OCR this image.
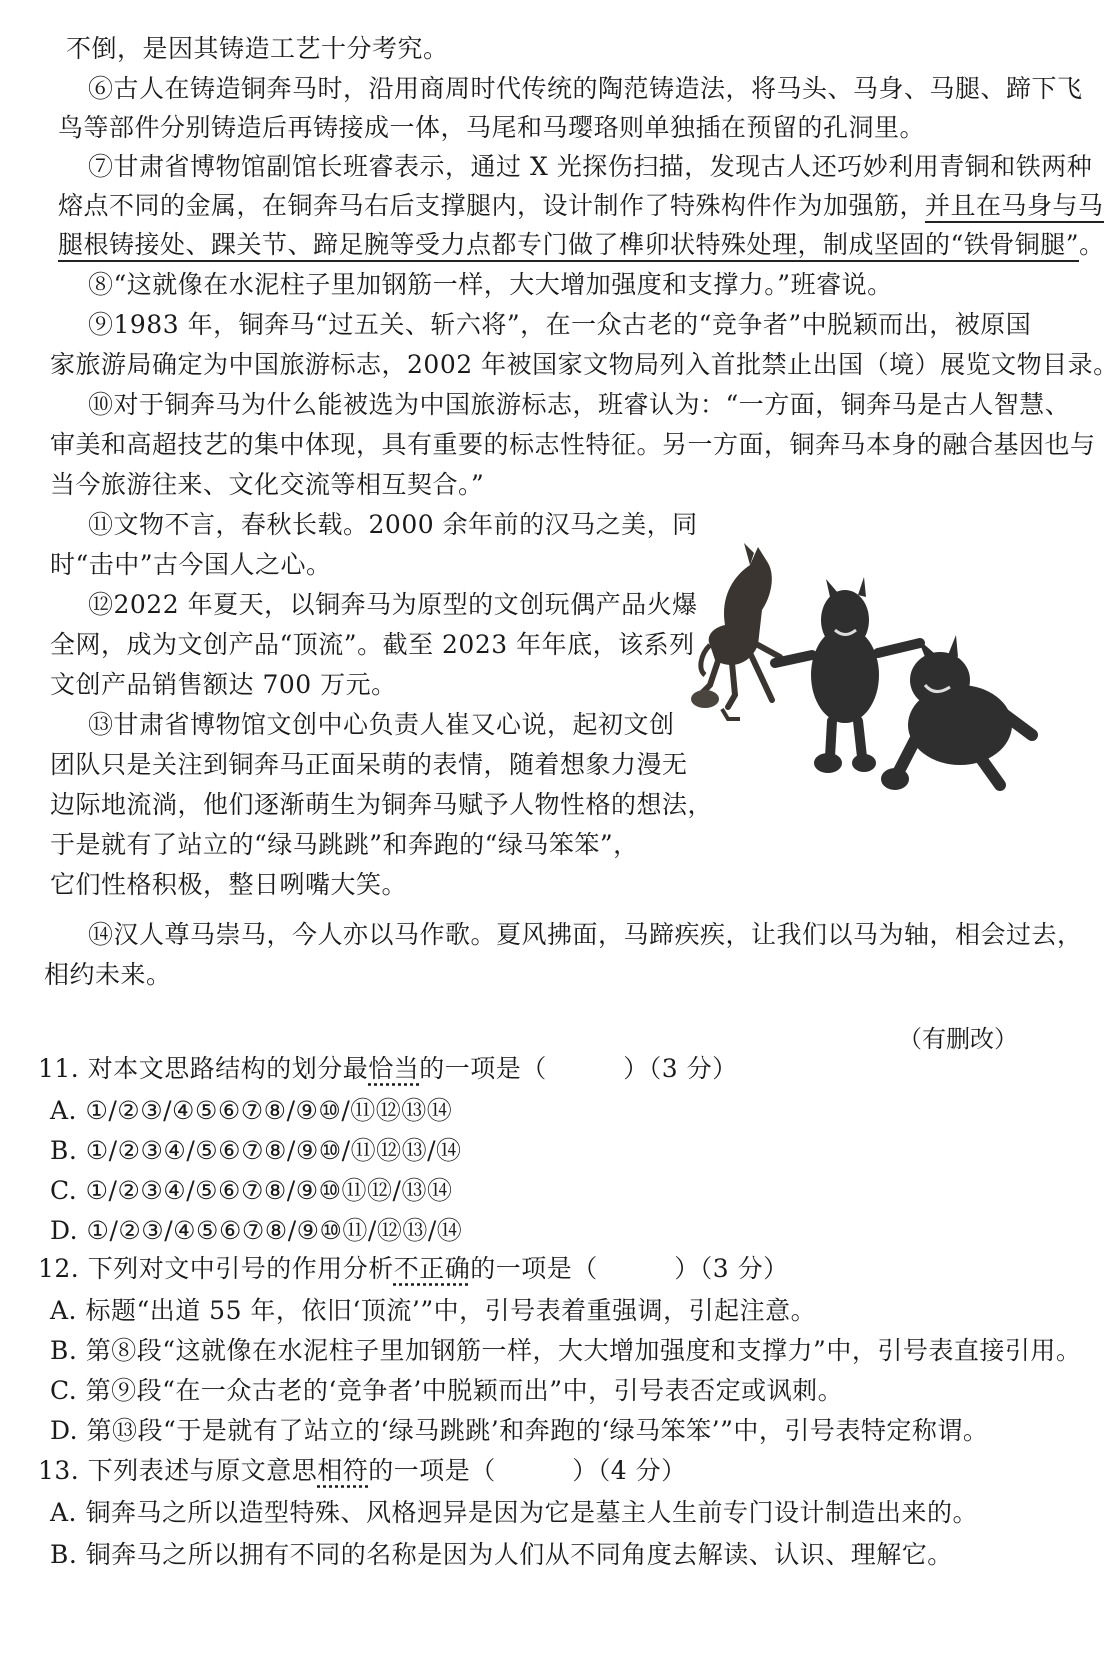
不倒，是因其铸造工艺十分考究。
⑥古人在铸造铜奔马时，沿用商周时代传统的陶范铸造法，将马头、马身、马腿、蹄下飞
鸟等部件分别铸造后再铸接成一体，马尾和马璎珞则单独插在预留的孔洞里。
⑦甘肃省博物馆副馆长班睿表示，通过 X 光探伤扫描，发现古人还巧妙利用青铜和铁两种
熔点不同的金属，在铜奔马右后支撑腿内，设计制作了特殊构件作为加强筋，并且在马身与马
腿根铸接处、踝关节、蹄足腕等受力点都专门做了榫卯状特殊处理，制成坚固的“铁骨铜腿”。
⑧“这就像在水泥柱子里加钢筋一样，大大增加强度和支撑力。”班睿说。
⑨1983 年，铜奔马“过五关、斩六将”，在一众古老的“竞争者”中脱颖而出，被原国
家旅游局确定为中国旅游标志，2002 年被国家文物局列入首批禁止出国（境）展览文物目录。
⑩对于铜奔马为什么能被选为中国旅游标志，班睿认为：“一方面，铜奔马是古人智慧、
审美和高超技艺的集中体现，具有重要的标志性特征。另一方面，铜奔马本身的融合基因也与
当今旅游往来、文化交流等相互契合。”
⑪文物不言，春秋长载。2000 余年前的汉马之美，同
时“击中”古今国人之心。
⑫2022 年夏天，以铜奔马为原型的文创玩偶产品火爆
全网，成为文创产品“顶流”。截至 2023 年年底，该系列
文创产品销售额达 700 万元。
⑬甘肃省博物馆文创中心负责人崔又心说，起初文创
团队只是关注到铜奔马正面呆萌的表情，随着想象力漫无
边际地流淌，他们逐渐萌生为铜奔马赋予人物性格的想法，
于是就有了站立的“绿马跳跳”和奔跑的“绿马笨笨”，
它们性格积极，整日咧嘴大笑。
⑭汉人尊马崇马，今人亦以马作歌。夏风拂面，马蹄疾疾，让我们以马为轴，相会过去，
相约未来。
（有删改）
11. 对本文思路结构的划分最恰当的一项是（　　　）（3 分）
A. ①/②③/④⑤⑥⑦⑧/⑨⑩/⑪⑫⑬⑭
B. ①/②③④/⑤⑥⑦⑧/⑨⑩/⑪⑫⑬/⑭
C. ①/②③④/⑤⑥⑦⑧/⑨⑩⑪⑫/⑬⑭
D. ①/②③/④⑤⑥⑦⑧/⑨⑩⑪/⑫⑬/⑭
12. 下列对文中引号的作用分析不正确的一项是（　　　）（3 分）
A. 标题“出道 55 年，依旧‘顶流’”中，引号表着重强调，引起注意。
B. 第⑧段“这就像在水泥柱子里加钢筋一样，大大增加强度和支撑力”中，引号表直接引用。
C. 第⑨段“在一众古老的‘竞争者’中脱颖而出”中，引号表否定或讽刺。
D. 第⑬段“于是就有了站立的‘绿马跳跳’和奔跑的‘绿马笨笨’”中，引号表特定称谓。
13. 下列表述与原文意思相符的一项是（　　　）（4 分）
A. 铜奔马之所以造型特殊、风格迥异是因为它是墓主人生前专门设计制造出来的。
B. 铜奔马之所以拥有不同的名称是因为人们从不同角度去解读、认识、理解它。
